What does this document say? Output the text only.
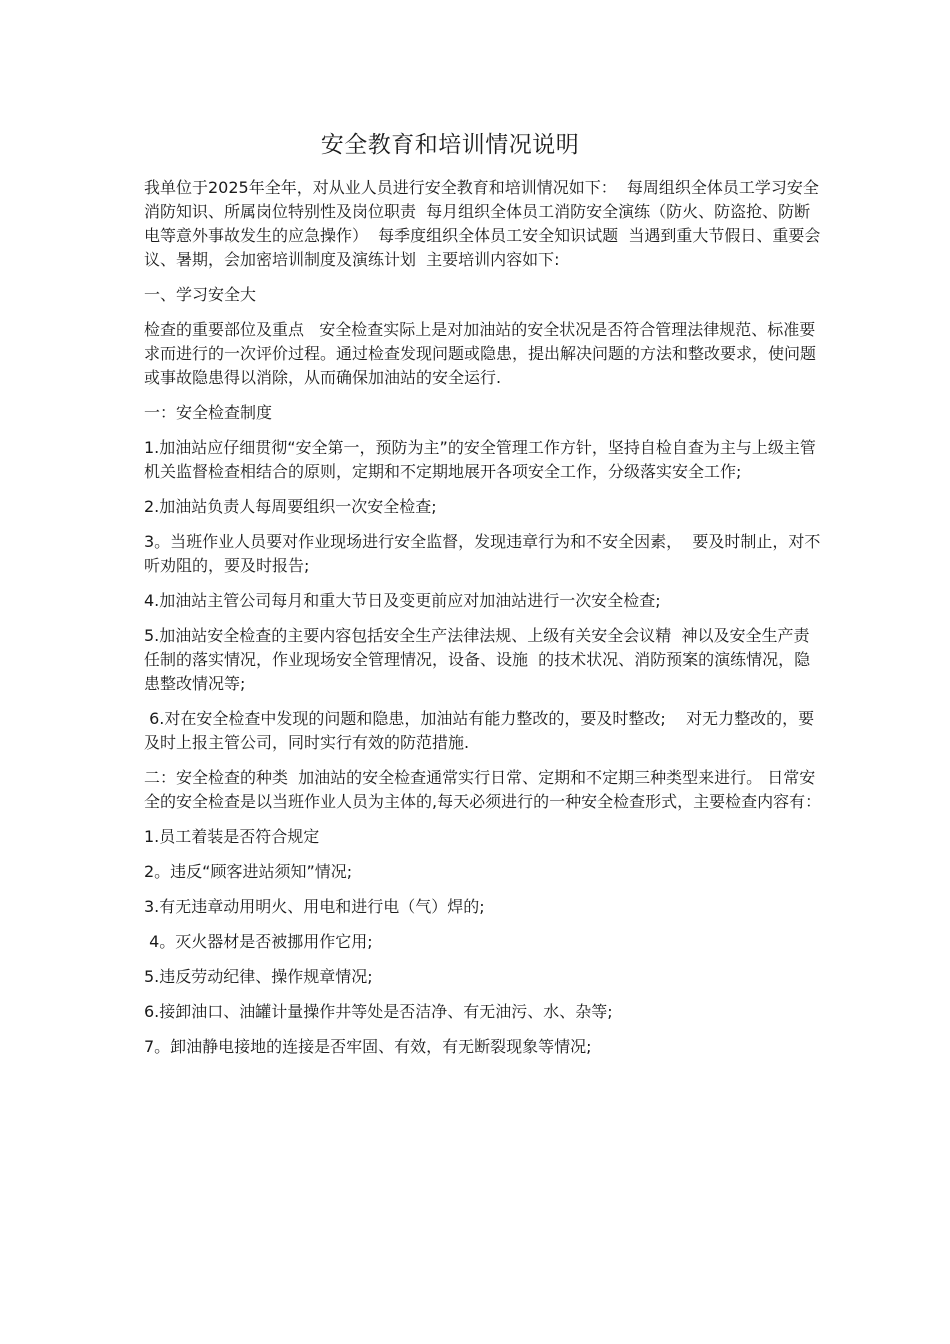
安全教育和培训情况说明

我单位于2025年全年，对从业人员进行安全教育和培训情况如下：  每周组织全体员工学习安全消防知识、所属岗位特别性及岗位职责  每月组织全体员工消防安全演练（防火、防盗抢、防断电等意外事故发生的应急操作）  每季度组织全体员工安全知识试题  当遇到重大节假日、重要会议、暑期，会加密培训制度及演练计划  主要培训内容如下:

一、学习安全大

检查的重要部位及重点   安全检查实际上是对加油站的安全状况是否符合管理法律规范、标准要求而进行的一次评价过程。通过检查发现问题或隐患，提出解决问题的方法和整改要求，使问题或事故隐患得以消除，从而确保加油站的安全运行.

一：安全检查制度

1.加油站应仔细贯彻“安全第一，预防为主”的安全管理工作方针，坚持自检自查为主与上级主管机关监督检查相结合的原则，定期和不定期地展开各项安全工作，分级落实安全工作;

2.加油站负责人每周要组织一次安全检查;

3。当班作业人员要对作业现场进行安全监督，发现违章行为和不安全因素，  要及时制止，对不听劝阻的，要及时报告;

4.加油站主管公司每月和重大节日及变更前应对加油站进行一次安全检查;

5.加油站安全检查的主要内容包括安全生产法律法规、上级有关安全会议精  神以及安全生产责任制的落实情况，作业现场安全管理情况，设备、设施  的技术状况、消防预案的演练情况，隐患整改情况等;

6.对在安全检查中发现的问题和隐患，加油站有能力整改的，要及时整改;    对无力整改的，要及时上报主管公司，同时实行有效的防范措施.

二：安全检查的种类  加油站的安全检查通常实行日常、定期和不定期三种类型来进行。 日常安全的安全检查是以当班作业人员为主体的,每天必须进行的一种安全检查形式，主要检查内容有：

1.员工着装是否符合规定

2。违反“顾客进站须知”情况;

3.有无违章动用明火、用电和进行电（气）焊的;

4。灭火器材是否被挪用作它用;

5.违反劳动纪律、操作规章情况;

6.接卸油口、油罐计量操作井等处是否洁净、有无油污、水、杂等;

7。卸油静电接地的连接是否牢固、有效，有无断裂现象等情况;
